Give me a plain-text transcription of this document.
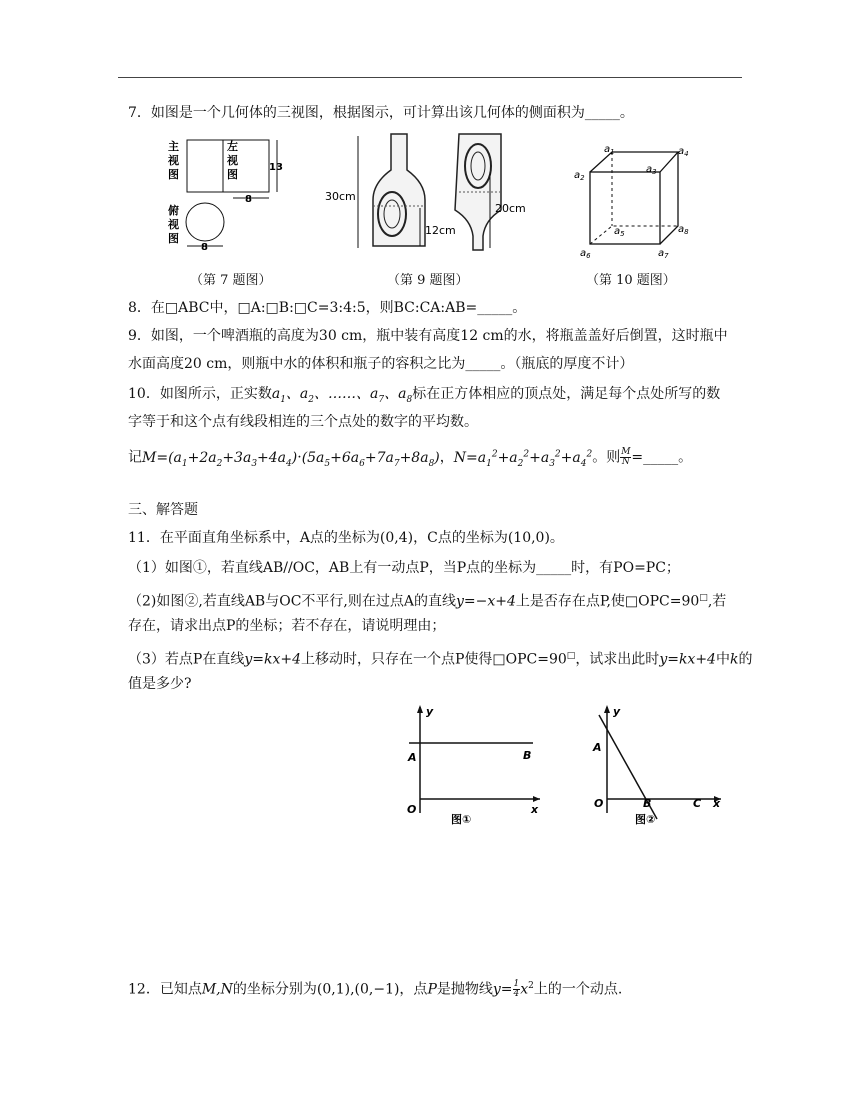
7．如图是一个几何体的三视图，根据图示，可计算出该几何体的侧面积为_____。
主
视
图
左
视
图
俯
视
图
8
13
8
（第 7 题图）
30cm
12cm
20cm
（第 9 题图）
$a_1$
$a_2$
$a_3$
$a_4$
$a_5$
$a_6$	$a_7$
$a_8$
（第 10 题图）
8．在□ABC中，□A:□B:□C=3:4:5，则BC:CA:AB=_____。
9．如图，一个啤酒瓶的高度为30 cm，瓶中装有高度12 cm的水，将瓶盖盖好后倒置，这时瓶中
水面高度20 cm，则瓶中水的体积和瓶子的容积之比为_____。（瓶底的厚度不计）
10．如图所示，正实数$a_1$、$a_2$、……、$a_7$、$a_8$标在正方体相应的顶点处，满足每个点处所写的数
字等于和这个点有线段相连的三个点处的数字的平均数。
记$M=(a_1+2a_2+3a_3+4a_4)\cdot(5a_5+6a_6+7a_7+8a_8)$，$N=a_1^2+a_2^2+a_3^2+a_4^2$。则 $\frac{M}{N}$ =_____。
三、解答题
11．在平面直角坐标系中，A点的坐标为(0,4)，C点的坐标为(10,0)。
（1）如图①，若直线AB//OC，AB上有一动点P，当P点的坐标为_____时，有PO=PC；
（2)如图②,若直线AB与OC不平行,则在过点A的直线y=−x+4上是否存在点P,使□OPC=90□,若
存在，请求出点P的坐标；若不存在，请说明理由；
（3）若点P在直线y=kx+4上移动时，只存在一个点P使得□OPC=90□，试求出此时y=kx+4中k的
值是多少?
y
x
O
A	B
图①
y
x
O
A
B	C
图②
12．已知点M,N的坐标分别为(0,1),(0,−1)，点P是抛物线$y= \frac{1}{4} x^2$上的一个动点.
